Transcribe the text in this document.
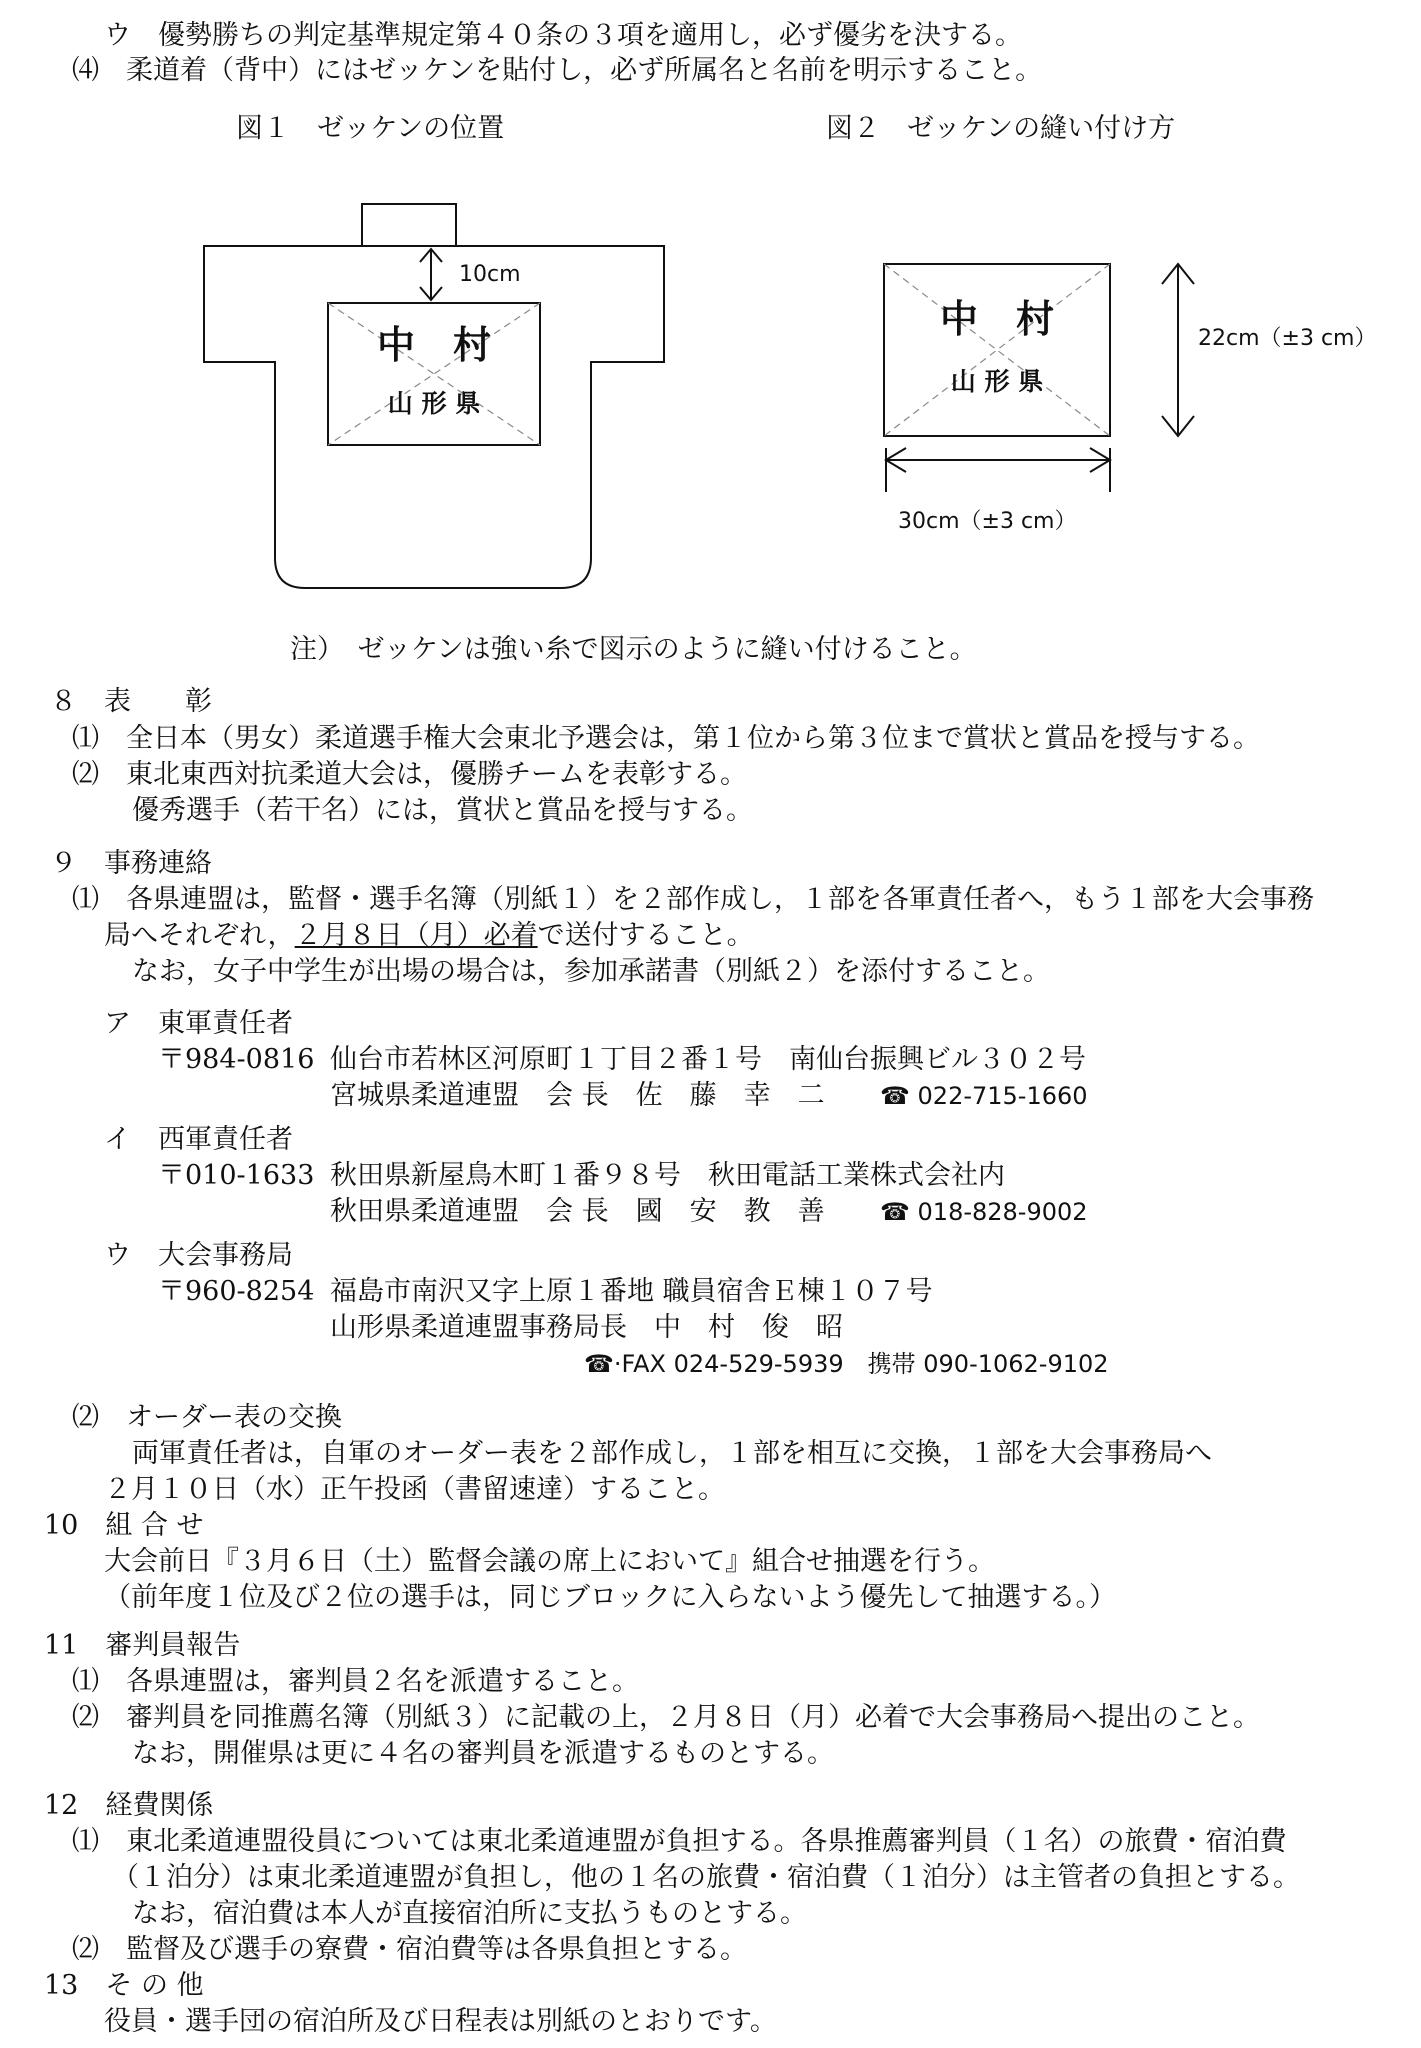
ウ　優勢勝ちの判定基準規定第４０条の３項を適用し，必ず優劣を決する。
⑷　柔道着（背中）にはゼッケンを貼付し，必ず所属名と名前を明示すること。
図１　ゼッケンの位置	図２　ゼッケンの縫い付け方
10cm
中　村
山 形 県
中　村
山 形 県
22cm（±3 cm）
30cm（±3 cm）
注）　ゼッケンは強い糸で図示のように縫い付けること。
８　表　　彰
⑴　全日本（男女）柔道選手権大会東北予選会は，第１位から第３位まで賞状と賞品を授与する。
⑵　東北東西対抗柔道大会は，優勝チームを表彰する。
優秀選手（若干名）には，賞状と賞品を授与する。
９　事務連絡
⑴　各県連盟は，監督・選手名簿（別紙１）を２部作成し，１部を各軍責任者へ，もう１部を大会事務
局へそれぞれ，２月８日（月）必着で送付すること。
なお，女子中学生が出場の場合は，参加承諾書（別紙２）を添付すること。
ア　東軍責任者
〒984-0816 仙台市若林区河原町１丁目２番１号　南仙台振興ビル３０２号
宮城県柔道連盟　会 長　佐　藤　幸　二 ☎ 022-715-1660
イ　西軍責任者
〒010-1633 秋田県新屋鳥木町１番９８号　秋田電話工業株式会社内
秋田県柔道連盟　会 長　國　安　教　善 ☎ 018-828-9002
ウ　大会事務局
〒960-8254 福島市南沢又字上原１番地 職員宿舎Ｅ棟１０７号
山形県柔道連盟事務局長　中　村　俊　昭
☎·FAX 024-529-5939　携帯 090-1062-9102
⑵　オーダー表の交換
両軍責任者は，自軍のオーダー表を２部作成し，１部を相互に交換，１部を大会事務局へ
２月１０日（水）正午投函（書留速達）すること。
10　組 合 せ
大会前日『３月６日（土）監督会議の席上において』組合せ抽選を行う。
（前年度１位及び２位の選手は，同じブロックに入らないよう優先して抽選する。）
11　審判員報告
⑴　各県連盟は，審判員２名を派遣すること。
⑵　審判員を同推薦名簿（別紙３）に記載の上，２月８日（月）必着で大会事務局へ提出のこと。
なお，開催県は更に４名の審判員を派遣するものとする。
12　経費関係
⑴　東北柔道連盟役員については東北柔道連盟が負担する。各県推薦審判員（１名）の旅費・宿泊費
（１泊分）は東北柔道連盟が負担し，他の１名の旅費・宿泊費（１泊分）は主管者の負担とする。
なお，宿泊費は本人が直接宿泊所に支払うものとする。
⑵　監督及び選手の寮費・宿泊費等は各県負担とする。
13　そ の 他
役員・選手団の宿泊所及び日程表は別紙のとおりです。
